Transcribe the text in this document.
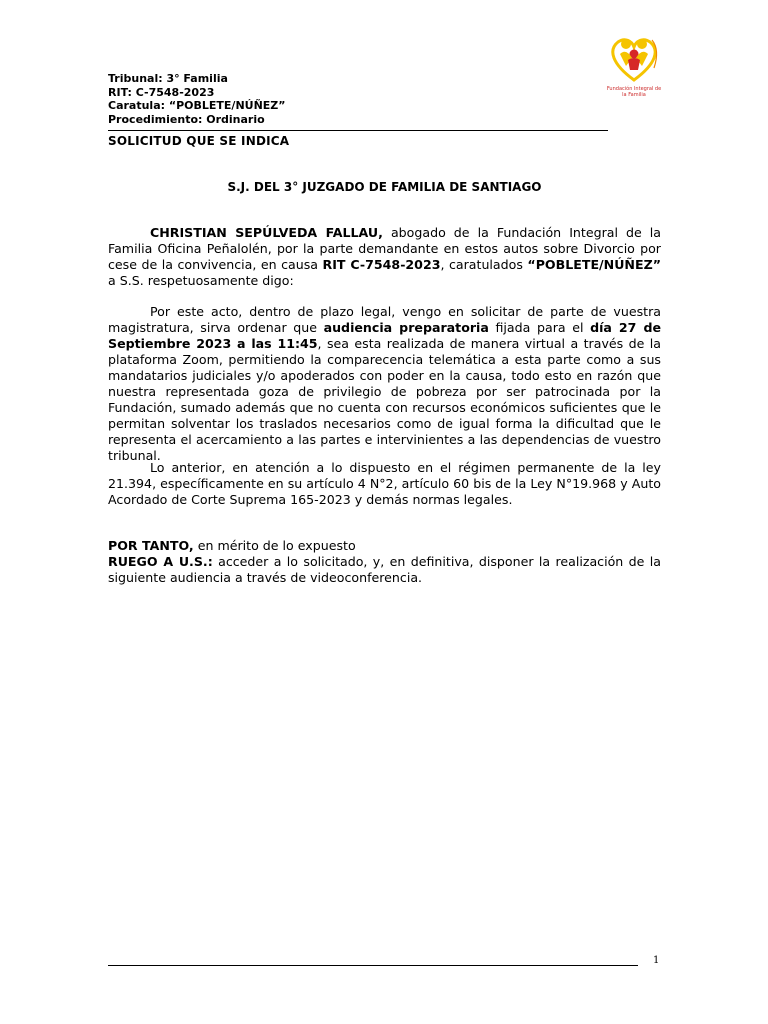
Fundación Integral de la Familia
Tribunal: 3° Familia
RIT: C-7548-2023
Caratula: “POBLETE/NÚÑEZ”
Procedimiento: Ordinario
SOLICITUD QUE SE INDICA
S.J. DEL 3° JUZGADO DE FAMILIA DE SANTIAGO

CHRISTIAN SEPÚLVEDA FALLAU, abogado de la Fundación Integral de la Familia Oficina Peñalolén, por la parte demandante en estos autos sobre Divorcio por cese de la convivencia, en causa RIT C-7548-2023, caratulados “POBLETE/NÚÑEZ” a S.S. respetuosamente digo:

Por este acto, dentro de plazo legal, vengo en solicitar de parte de vuestra magistratura, sirva ordenar que audiencia preparatoria fijada para el día 27 de Septiembre 2023 a las 11:45, sea esta realizada de manera virtual a través de la plataforma Zoom, permitiendo la comparecencia telemática a esta parte como a sus mandatarios judiciales y/o apoderados con poder en la causa, todo esto en razón que nuestra representada goza de privilegio de pobreza por ser patrocinada por la Fundación, sumado además que no cuenta con recursos económicos suficientes que le permitan solventar los traslados necesarios como de igual forma la dificultad que le representa el acercamiento a las partes e intervinientes a las dependencias de vuestro tribunal.

Lo anterior, en atención a lo dispuesto en el régimen permanente de la ley 21.394, específicamente en su artículo 4 N°2, artículo 60 bis de la Ley N°19.968 y Auto Acordado de Corte Suprema 165-2023 y demás normas legales.

POR TANTO, en mérito de lo expuesto

RUEGO A U.S.: acceder a lo solicitado, y, en definitiva, disponer la realización de la siguiente audiencia a través de videoconferencia.

1
